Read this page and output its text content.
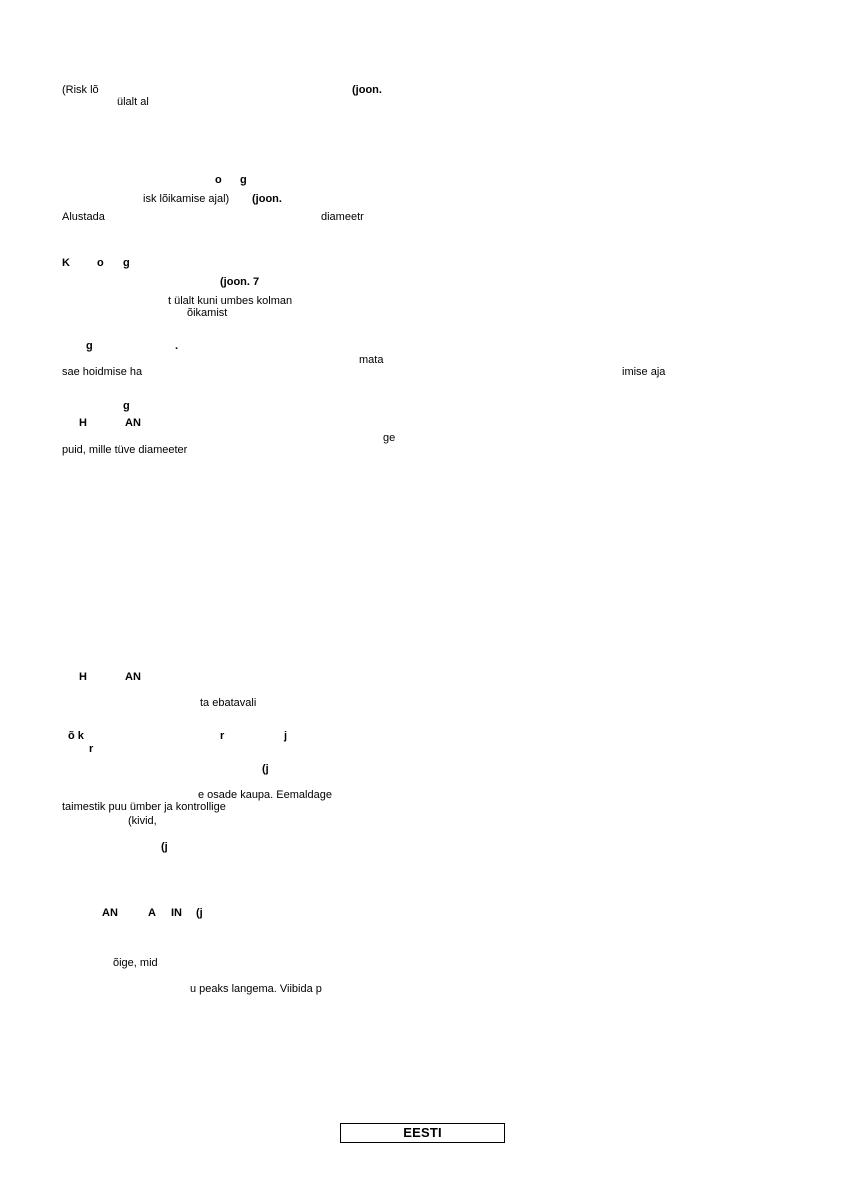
(Risk lõ	(joon.
ülalt al
o g
isk lõikamise ajal) (joon.
Alustada	diameetr
K o g
(joon. 7
t ülalt kuni umbes kolman
õikamist
g	.
mata
sae hoidmise ha	imise aja
g
H	AN
ge
puid, mille tüve diameeter
H	AN
ta ebatavali
õ k	r	j
r
(j
e osade kaupa. Eemaldage
taimestik puu ümber ja kontrollige
(kivid,
(j
AN	A IN (j
õige, mid
u peaks langema. Viibida p
EESTI
